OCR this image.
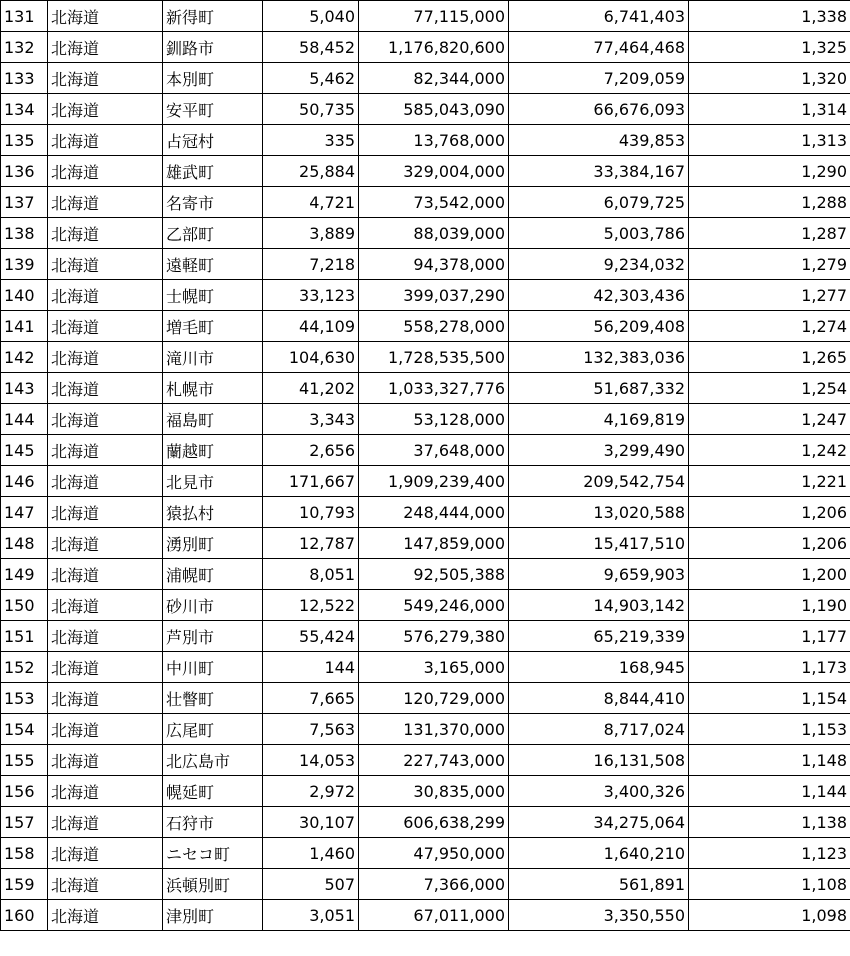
131	北海道	新得町	5,040	77,115,000	6,741,403	1,338
132	北海道	釧路市	58,452	1,176,820,600	77,464,468	1,325
133	北海道	本別町	5,462	82,344,000	7,209,059	1,320
134	北海道	安平町	50,735	585,043,090	66,676,093	1,314
135	北海道	占冠村	335	13,768,000	439,853	1,313
136	北海道	雄武町	25,884	329,004,000	33,384,167	1,290
137	北海道	名寄市	4,721	73,542,000	6,079,725	1,288
138	北海道	乙部町	3,889	88,039,000	5,003,786	1,287
139	北海道	遠軽町	7,218	94,378,000	9,234,032	1,279
140	北海道	士幌町	33,123	399,037,290	42,303,436	1,277
141	北海道	増毛町	44,109	558,278,000	56,209,408	1,274
142	北海道	滝川市	104,630	1,728,535,500	132,383,036	1,265
143	北海道	札幌市	41,202	1,033,327,776	51,687,332	1,254
144	北海道	福島町	3,343	53,128,000	4,169,819	1,247
145	北海道	蘭越町	2,656	37,648,000	3,299,490	1,242
146	北海道	北見市	171,667	1,909,239,400	209,542,754	1,221
147	北海道	猿払村	10,793	248,444,000	13,020,588	1,206
148	北海道	湧別町	12,787	147,859,000	15,417,510	1,206
149	北海道	浦幌町	8,051	92,505,388	9,659,903	1,200
150	北海道	砂川市	12,522	549,246,000	14,903,142	1,190
151	北海道	芦別市	55,424	576,279,380	65,219,339	1,177
152	北海道	中川町	144	3,165,000	168,945	1,173
153	北海道	壮瞥町	7,665	120,729,000	8,844,410	1,154
154	北海道	広尾町	7,563	131,370,000	8,717,024	1,153
155	北海道	北広島市	14,053	227,743,000	16,131,508	1,148
156	北海道	幌延町	2,972	30,835,000	3,400,326	1,144
157	北海道	石狩市	30,107	606,638,299	34,275,064	1,138
158	北海道	ニセコ町	1,460	47,950,000	1,640,210	1,123
159	北海道	浜頓別町	507	7,366,000	561,891	1,108
160	北海道	津別町	3,051	67,011,000	3,350,550	1,098
